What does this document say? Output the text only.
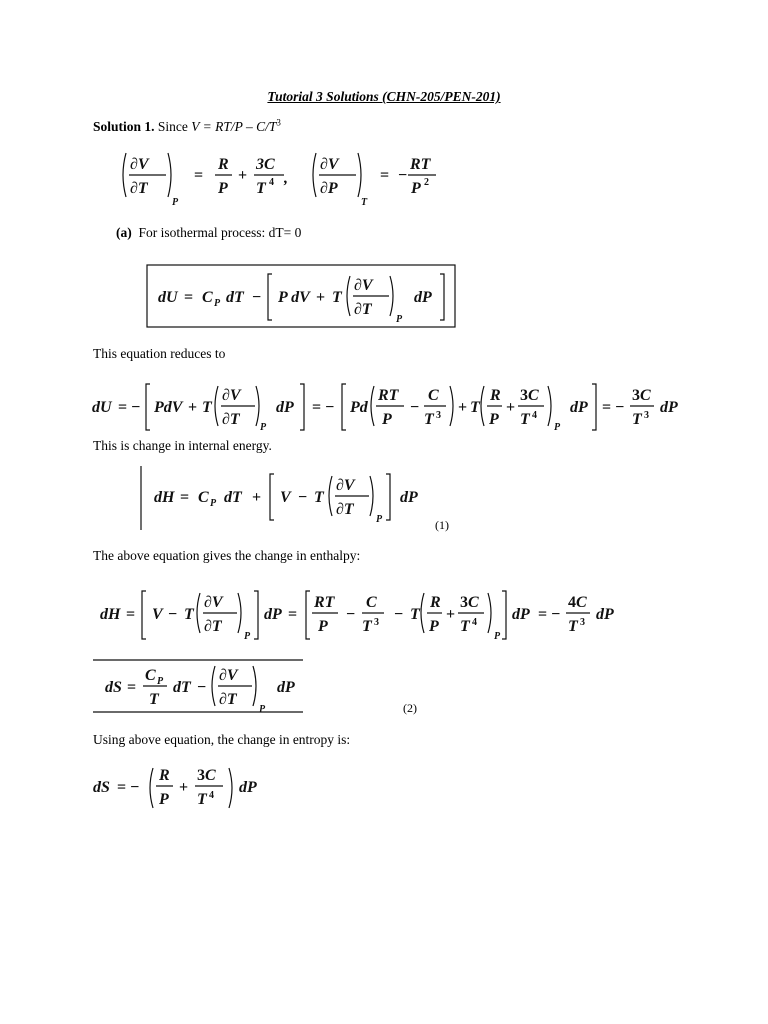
Tutorial 3 Solutions (CHN-205/PEN-201)
Solution 1. Since $V = RT/P - C/T^3$
∂V
∂T
P
=
R
P
+
3C
T 4 ,
∂V
∂P
T
= −
RT
P 2
(a) For isothermal process: dT= 0
dU = C P dT − P dV + T
∂V
∂T
P
dP
This equation reduces to
dU = − PdV + T
∂V
∂T P
dP = − Pd
RT
P
−
C
T 3 + T
R
P
+
3 C
T 4
P
dP = −
3 C
T 3 dP
This is change in internal energy.
dH = C P dT + V − T
∂V
∂T
P
dP
(1)
The above equation gives the change in enthalpy:
dH = V − T
∂V
∂T
P
dP =
RT
P
−
C
T 3 − T
R
P
+
3 C
T 4
P
dP = −
4 C
T 3 dP
dS =
C P
T
dT −
∂V
∂T
P
dP
(2)
Using above equation, the change in entropy is:
dS = −
R
P
+
3 C
T 4 dP
